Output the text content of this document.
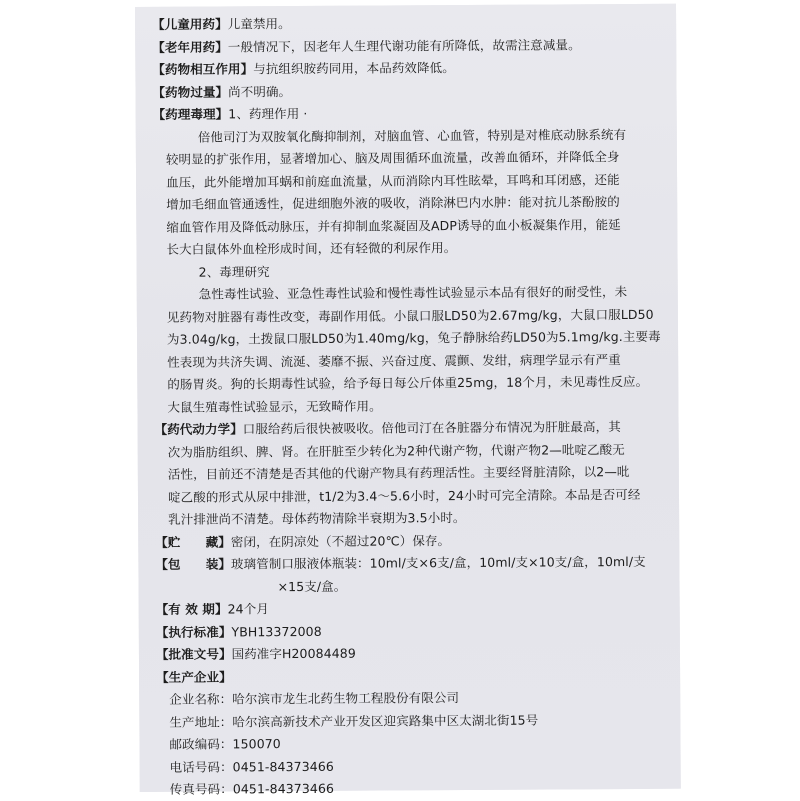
【儿童用药】儿童禁用。
【老年用药】一般情况下，因老年人生理代谢功能有所降低，故需注意减量。
【药物相互作用】与抗组织胺药同用，本品药效降低。
【药物过量】尚不明确。
【药理毒理】1、药理作用 ·
倍他司汀为双胺氧化酶抑制剂，对脑血管、心血管，特别是对椎底动脉系统有
较明显的扩张作用，显著增加心、脑及周围循环血流量，改善血循环，并降低全身
血压，此外能增加耳蜗和前庭血流量，从而消除内耳性眩晕，耳鸣和耳闭感，还能
增加毛细血管通透性，促进细胞外液的吸收，消除淋巴内水肿：能对抗儿茶酚胺的
缩血管作用及降低动脉压，并有抑制血浆凝固及ADP诱导的血小板凝集作用，能延
长大白鼠体外血栓形成时间，还有轻微的利尿作用。
2、毒理研究
急性毒性试验、亚急性毒性试验和慢性毒性试验显示本品有很好的耐受性，未
见药物对脏器有毒性改变，毒副作用低。小鼠口服LD50为2.67mg/kg，大鼠口服LD50
为3.04g/kg，土拨鼠口服LD50为1.40mg/kg，兔子静脉给药LD50为5.1mg/kg.主要毒
性表现为共济失调、流涎、萎靡不振、兴奋过度、震颤、发绀，病理学显示有严重
的肠胃炎。狗的长期毒性试验，给予每日每公斤体重25mg，18个月，未见毒性反应。
大鼠生殖毒性试验显示，无致畸作用。
【药代动力学】口服给药后很快被吸收。倍他司汀在各脏器分布情况为肝脏最高，其
次为脂肪组织、脾、肾。在肝脏至少转化为2种代谢产物，代谢产物2—吡啶乙酸无
活性，目前还不清楚是否其他的代谢产物具有药理活性。主要经肾脏清除，以2—吡
啶乙酸的形式从尿中排泄，t1/2为3.4～5.6小时，24小时可完全清除。本品是否可经
乳汁排泄尚不清楚。母体药物清除半衰期为3.5小时。
【贮　　藏】密闭，在阴凉处（不超过20℃）保存。
【包　　装】玻璃管制口服液体瓶装：10ml/支×6支/盒，10ml/支×10支/盒，10ml/支
×15支/盒。
【有 效 期】24个月
【执行标准】YBH13372008
【批准文号】国药准字H20084489
【生产企业】
企业名称：哈尔滨市龙生北药生物工程股份有限公司
生产地址：哈尔滨高新技术产业开发区迎宾路集中区太湖北街15号
邮政编码：150070
电话号码：0451-84373466
传真号码：0451-84373466
